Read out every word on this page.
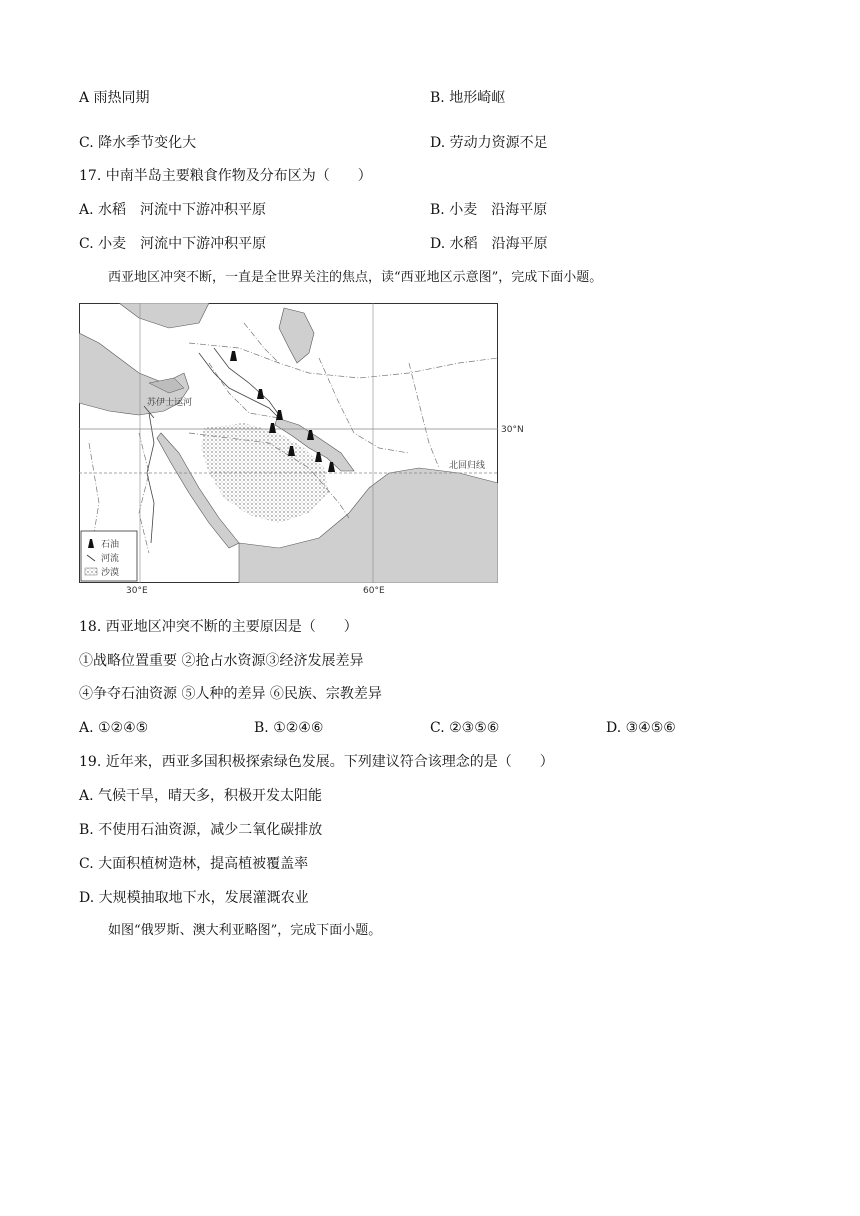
A 雨热同期	B. 地形崎岖
C. 降水季节变化大	D. 劳动力资源不足
17. 中南半岛主要粮食作物及分布区为（　　）
A. 水稻　河流中下游冲积平原	B. 小麦　沿海平原
C. 小麦　河流中下游冲积平原	D. 水稻　沿海平原
西亚地区冲突不断，一直是全世界关注的焦点，读“西亚地区示意图”，完成下面小题。
苏伊士运河
北回归线
石油
河流
沙漠
30°N
30°E	60°E
18. 西亚地区冲突不断的主要原因是（　　）
①战略位置重要 ②抢占水资源③经济发展差异
④争夺石油资源 ⑤人种的差异 ⑥民族、宗教差异
A. ①②④⑤	B. ①②④⑥	C. ②③⑤⑥	D. ③④⑤⑥
19. 近年来，西亚多国积极探索绿色发展。下列建议符合该理念的是（　　）
A. 气候干旱，晴天多，积极开发太阳能
B. 不使用石油资源，减少二氧化碳排放
C. 大面积植树造林，提高植被覆盖率
D. 大规模抽取地下水，发展灌溉农业
如图“俄罗斯、澳大利亚略图”，完成下面小题。
